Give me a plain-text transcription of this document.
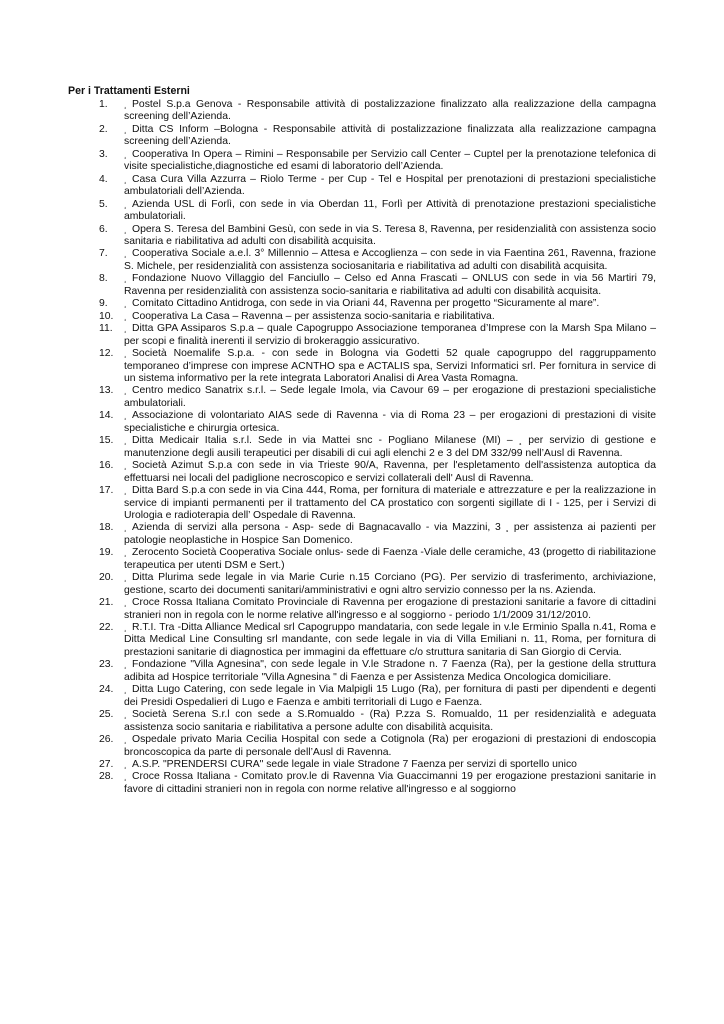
Per i Trattamenti Esterni
1. ¸ Postel S.p.a Genova - Responsabile attività di postalizzazione finalizzato alla realizzazione della campagna screening dell’Azienda.
2. ¸ Ditta CS Inform –Bologna - Responsabile attività di postalizzazione finalizzata alla realizzazione campagna screening dell’Azienda.
3. ¸ Cooperativa In Opera – Rimini – Responsabile per Servizio call Center – Cuptel per la prenotazione telefonica di visite specialistiche,diagnostiche ed esami di laboratorio dell’Azienda.
4. ¸ Casa Cura Villa Azzurra – Riolo Terme - per Cup - Tel e Hospital per prenotazioni di prestazioni specialistiche ambulatoriali dell’Azienda.
5. ¸ Azienda USL di Forlì, con sede in via Oberdan 11, Forlì per Attività di prenotazione prestazioni specialistiche ambulatoriali.
6. ¸ Opera S. Teresa del Bambini Gesù, con sede in via S. Teresa 8, Ravenna, per residenzialità con assistenza socio sanitaria e riabilitativa ad adulti con disabilità acquisita.
7. ¸ Cooperativa Sociale a.e.l. 3° Millennio – Attesa e Accoglienza – con sede in via Faentina 261, Ravenna, frazione S. Michele, per residenzialità con assistenza sociosanitaria e riabilitativa ad adulti con disabilità acquisita.
8. ¸ Fondazione Nuovo Villaggio del Fanciullo – Celso ed Anna Frascati – ONLUS con sede in via 56 Martiri 79, Ravenna per residenzialità con assistenza socio-sanitaria e riabilitativa ad adulti con disabilità acquisita.
9. ¸ Comitato Cittadino Antidroga, con sede in via Oriani 44, Ravenna per progetto “Sicuramente al mare”.
10. ¸ Cooperativa La Casa – Ravenna – per assistenza socio-sanitaria e riabilitativa.
11. ¸ Ditta GPA Assiparos S.p.a – quale Capogruppo Associazione temporanea d’Imprese con la Marsh Spa Milano – per scopi e finalità inerenti il servizio di brokeraggio assicurativo.
12. ¸ Società Noemalife S.p.a. - con sede in Bologna via Godetti 52 quale capogruppo del raggruppamento temporaneo d’imprese con imprese ACNTHO spa e ACTALIS spa, Servizi Informatici srl. Per fornitura in service di un sistema informativo per la rete integrata Laboratori Analisi di Area Vasta Romagna.
13. ¸ Centro medico Sanatrix s.r.l. – Sede legale Imola, via Cavour 69 – per erogazione di prestazioni specialistiche ambulatoriali.
14. ¸ Associazione di volontariato AIAS sede di Ravenna - via di Roma 23 – per erogazioni di prestazioni di visite specialistiche e chirurgia ortesica.
15. ¸ Ditta Medicair Italia s.r.l. Sede in via Mattei snc - Pogliano Milanese (MI) – ¸ per servizio di gestione e manutenzione degli ausili terapeutici per disabili di cui agli elenchi 2 e 3 del DM 332/99 nell’Ausl di Ravenna.
16. ¸ Società Azimut S.p.a con sede in via Trieste 90/A, Ravenna, per l'espletamento dell'assistenza autoptica da effettuarsi nei locali del padiglione necroscopico e servizi collaterali dell' Ausl di Ravenna.
17. ¸ Ditta Bard S.p.a con sede in via Cina 444, Roma, per fornitura di materiale e attrezzature e per la realizzazione in service di impianti permanenti per il trattamento del CA prostatico con sorgenti sigillate di I - 125, per i Servizi di Urologia e radioterapia dell’ Ospedale di Ravenna.
18. ¸ Azienda di servizi alla persona - Asp- sede di Bagnacavallo - via Mazzini, 3 ¸ per assistenza ai pazienti per patologie neoplastiche in Hospice San Domenico.
19. ¸ Zerocento Società Cooperativa Sociale onlus- sede di Faenza -Viale delle ceramiche, 43 (progetto di riabilitazione terapeutica per utenti DSM e Sert.)
20. ¸ Ditta Plurima sede legale in via Marie Curie n.15 Corciano (PG). Per servizio di trasferimento, archiviazione, gestione, scarto dei documenti sanitari/amministrativi e ogni altro servizio connesso per la ns. Azienda.
21. ¸ Croce Rossa Italiana Comitato Provinciale di Ravenna per erogazione di prestazioni sanitarie a favore di cittadini stranieri non in regola con le norme relative all'ingresso e al soggiorno - periodo 1/1/2009 31/12/2010.
22. ¸ R.T.I. Tra -Ditta Alliance Medical srl Capogruppo mandataria, con sede legale in v.le Erminio Spalla n.41, Roma e Ditta Medical Line Consulting srl mandante, con sede legale in via di Villa Emiliani n. 11, Roma, per fornitura di prestazioni sanitarie di diagnostica per immagini da effettuare c/o struttura sanitaria di San Giorgio di Cervia.
23. ¸ Fondazione "Villa Agnesina", con sede legale in V.le Stradone n. 7 Faenza (Ra), per la gestione della struttura adibita ad Hospice territoriale "Villa Agnesina " di Faenza e per Assistenza Medica Oncologica domiciliare.
24. ¸ Ditta Lugo Catering, con sede legale in Via Malpigli 15 Lugo (Ra), per fornitura di pasti per dipendenti e degenti dei Presidi Ospedalieri di Lugo e Faenza e ambiti territoriali di Lugo e Faenza.
25. ¸ Società Serena S.r.l con sede a S.Romualdo - (Ra) P.zza S. Romualdo, 11 per residenzialità e adeguata assistenza socio sanitaria e riabilitativa a persone adulte con disabilità acquisita.
26. ¸ Ospedale privato Maria Cecilia Hospital con sede a Cotignola (Ra) per erogazioni di prestazioni di endoscopia broncoscopica da parte di personale dell’Ausl di Ravenna.
27. ¸ A.S.P. "PRENDERSI CURA" sede legale in viale Stradone 7 Faenza per servizi di sportello unico
28. ¸ Croce Rossa Italiana - Comitato prov.le di Ravenna Via Guaccimanni 19 per erogazione prestazioni sanitarie in favore di cittadini stranieri non in regola con norme relative all'ingresso e al soggiorno
